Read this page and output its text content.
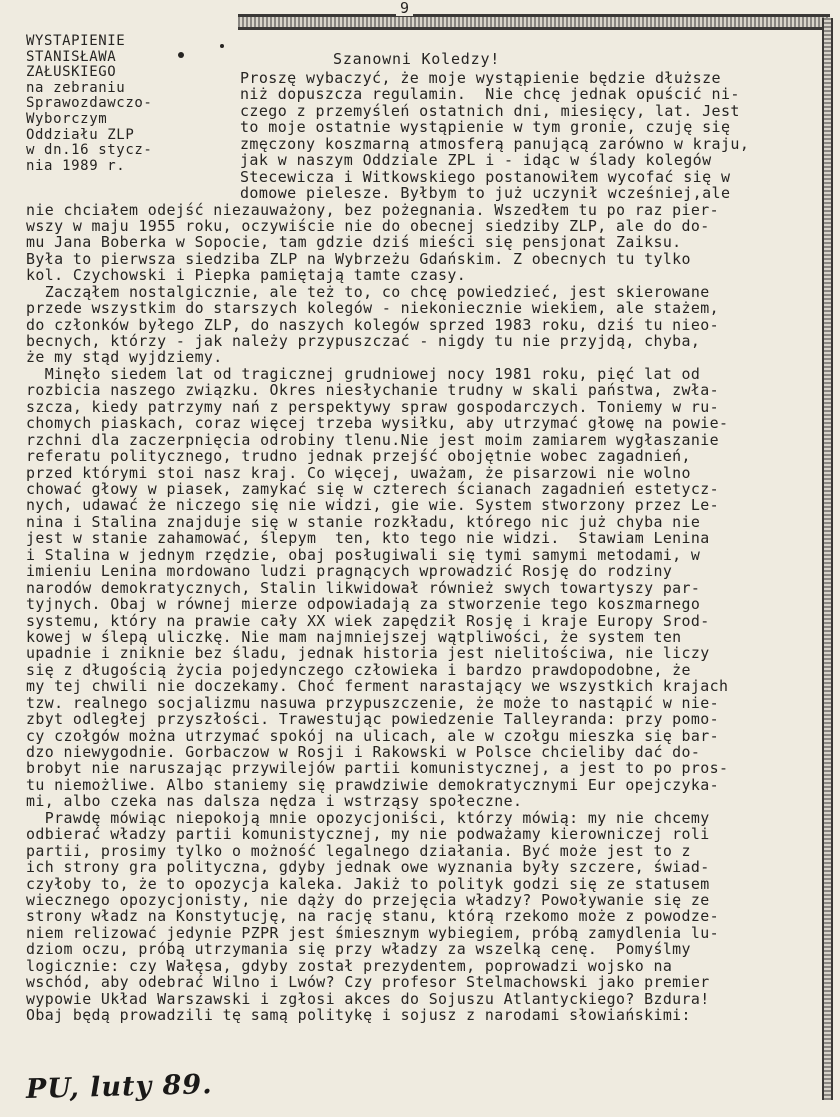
9
WYSTAPIENIE
STANISŁAWA
ZAŁUSKIEGO
na zebraniu
Sprawozdawczo-
Wyborczym
Oddziału ZLP
w dn.16 stycz-
nia 1989 r.
Szanowni Koledzy!
Proszę wybaczyć, że moje wystąpienie będzie dłuższe
niż dopuszcza regulamin.  Nie chcę jednak opuścić ni-
czego z przemyśleń ostatnich dni, miesięcy, lat. Jest
to moje ostatnie wystąpienie w tym gronie, czuję się
zmęczony koszmarną atmosferą panującą zarówno w kraju,
jak w naszym Oddziale ZPL i - idąc w ślady kolegów
Stecewicza i Witkowskiego postanowiłem wycofać się w
domowe pielesze. Byłbym to już uczynił wcześniej,ale
nie chciałem odejść niezauważony, bez pożegnania. Wszedłem tu po raz pier-
wszy w maju 1955 roku, oczywiście nie do obecnej siedziby ZLP, ale do do-
mu Jana Boberka w Sopocie, tam gdzie dziś mieści się pensjonat Zaiksu.
Była to pierwsza siedziba ZLP na Wybrzeżu Gdańskim. Z obecnych tu tylko
kol. Czychowski i Piepka pamiętają tamte czasy.
Zacząłem nostalgicznie, ale też to, co chcę powiedzieć, jest skierowane
przede wszystkim do starszych kolegów - niekoniecznie wiekiem, ale stażem,
do członków byłego ZLP, do naszych kolegów sprzed 1983 roku, dziś tu nieo-
becnych, którzy - jak należy przypuszczać - nigdy tu nie przyjdą, chyba,
że my stąd wyjdziemy.
Minęło siedem lat od tragicznej grudniowej nocy 1981 roku, pięć lat od
rozbicia naszego związku. Okres niesłychanie trudny w skali państwa, zwła-
szcza, kiedy patrzymy nań z perspektywy spraw gospodarczych. Toniemy w ru-
chomych piaskach, coraz więcej trzeba wysiłku, aby utrzymać głowę na powie-
rzchni dla zaczerpnięcia odrobiny tlenu.Nie jest moim zamiarem wygłaszanie
referatu politycznego, trudno jednak przejść obojętnie wobec zagadnień,
przed którymi stoi nasz kraj. Co więcej, uważam, że pisarzowi nie wolno
chować głowy w piasek, zamykać się w czterech ścianach zagadnień estetycz-
nych, udawać że niczego się nie widzi, gie wie. System stworzony przez Le-
nina i Stalina znajduje się w stanie rozkładu, którego nic już chyba nie
jest w stanie zahamować, ślepym  ten, kto tego nie widzi.  Stawiam Lenina
i Stalina w jednym rzędzie, obaj posługiwali się tymi samymi metodami, w
imieniu Lenina mordowano ludzi pragnących wprowadzić Rosję do rodziny
narodów demokratycznych, Stalin likwidował również swych towartyszy par-
tyjnych. Obaj w równej mierze odpowiadają za stworzenie tego koszmarnego
systemu, który na prawie cały XX wiek zapędził Rosję i kraje Europy Srod-
kowej w ślepą uliczkę. Nie mam najmniejszej wątpliwości, że system ten
upadnie i zniknie bez śladu, jednak historia jest nielitościwa, nie liczy
się z długością życia pojedynczego człowieka i bardzo prawdopodobne, że
my tej chwili nie doczekamy. Choć ferment narastający we wszystkich krajach
tzw. realnego socjalizmu nasuwa przypuszczenie, że może to nastąpić w nie-
zbyt odległej przyszłości. Trawestując powiedzenie Talleyranda: przy pomo-
cy czołgów można utrzymać spokój na ulicach, ale w czołgu mieszka się bar-
dzo niewygodnie. Gorbaczow w Rosji i Rakowski w Polsce chcieliby dać do-
brobyt nie naruszając przywilejów partii komunistycznej, a jest to po pros-
tu niemożliwe. Albo staniemy się prawdziwie demokratycznymi Eur opejczyka-
mi, albo czeka nas dalsza nędza i wstrząsy społeczne.
Prawdę mówiąc niepokoją mnie opozycjoniści, którzy mówią: my nie chcemy
odbierać władzy partii komunistycznej, my nie podważamy kierowniczej roli
partii, prosimy tylko o możność legalnego działania. Być może jest to z
ich strony gra polityczna, gdyby jednak owe wyznania były szczere, świad-
czyłoby to, że to opozycja kaleka. Jakiż to polityk godzi się ze statusem
wiecznego opozycjonisty, nie dąży do przejęcia władzy? Powoływanie się ze
strony władz na Konstytucję, na rację stanu, którą rzekomo może z powodze-
niem relizować jedynie PZPR jest śmiesznym wybiegiem, próbą zamydlenia lu-
dziom oczu, próbą utrzymania się przy władzy za wszelką cenę.  Pomyślmy
logicznie: czy Wałęsa, gdyby został prezydentem, poprowadzi wojsko na
wschód, aby odebrać Wilno i Lwów? Czy profesor Stelmachowski jako premier
wypowie Układ Warszawski i zgłosi akces do Sojuszu Atlantyckiego? Bzdura!
Obaj będą prowadzili tę samą politykę i sojusz z narodami słowiańskimi:
PU, luty 89.
